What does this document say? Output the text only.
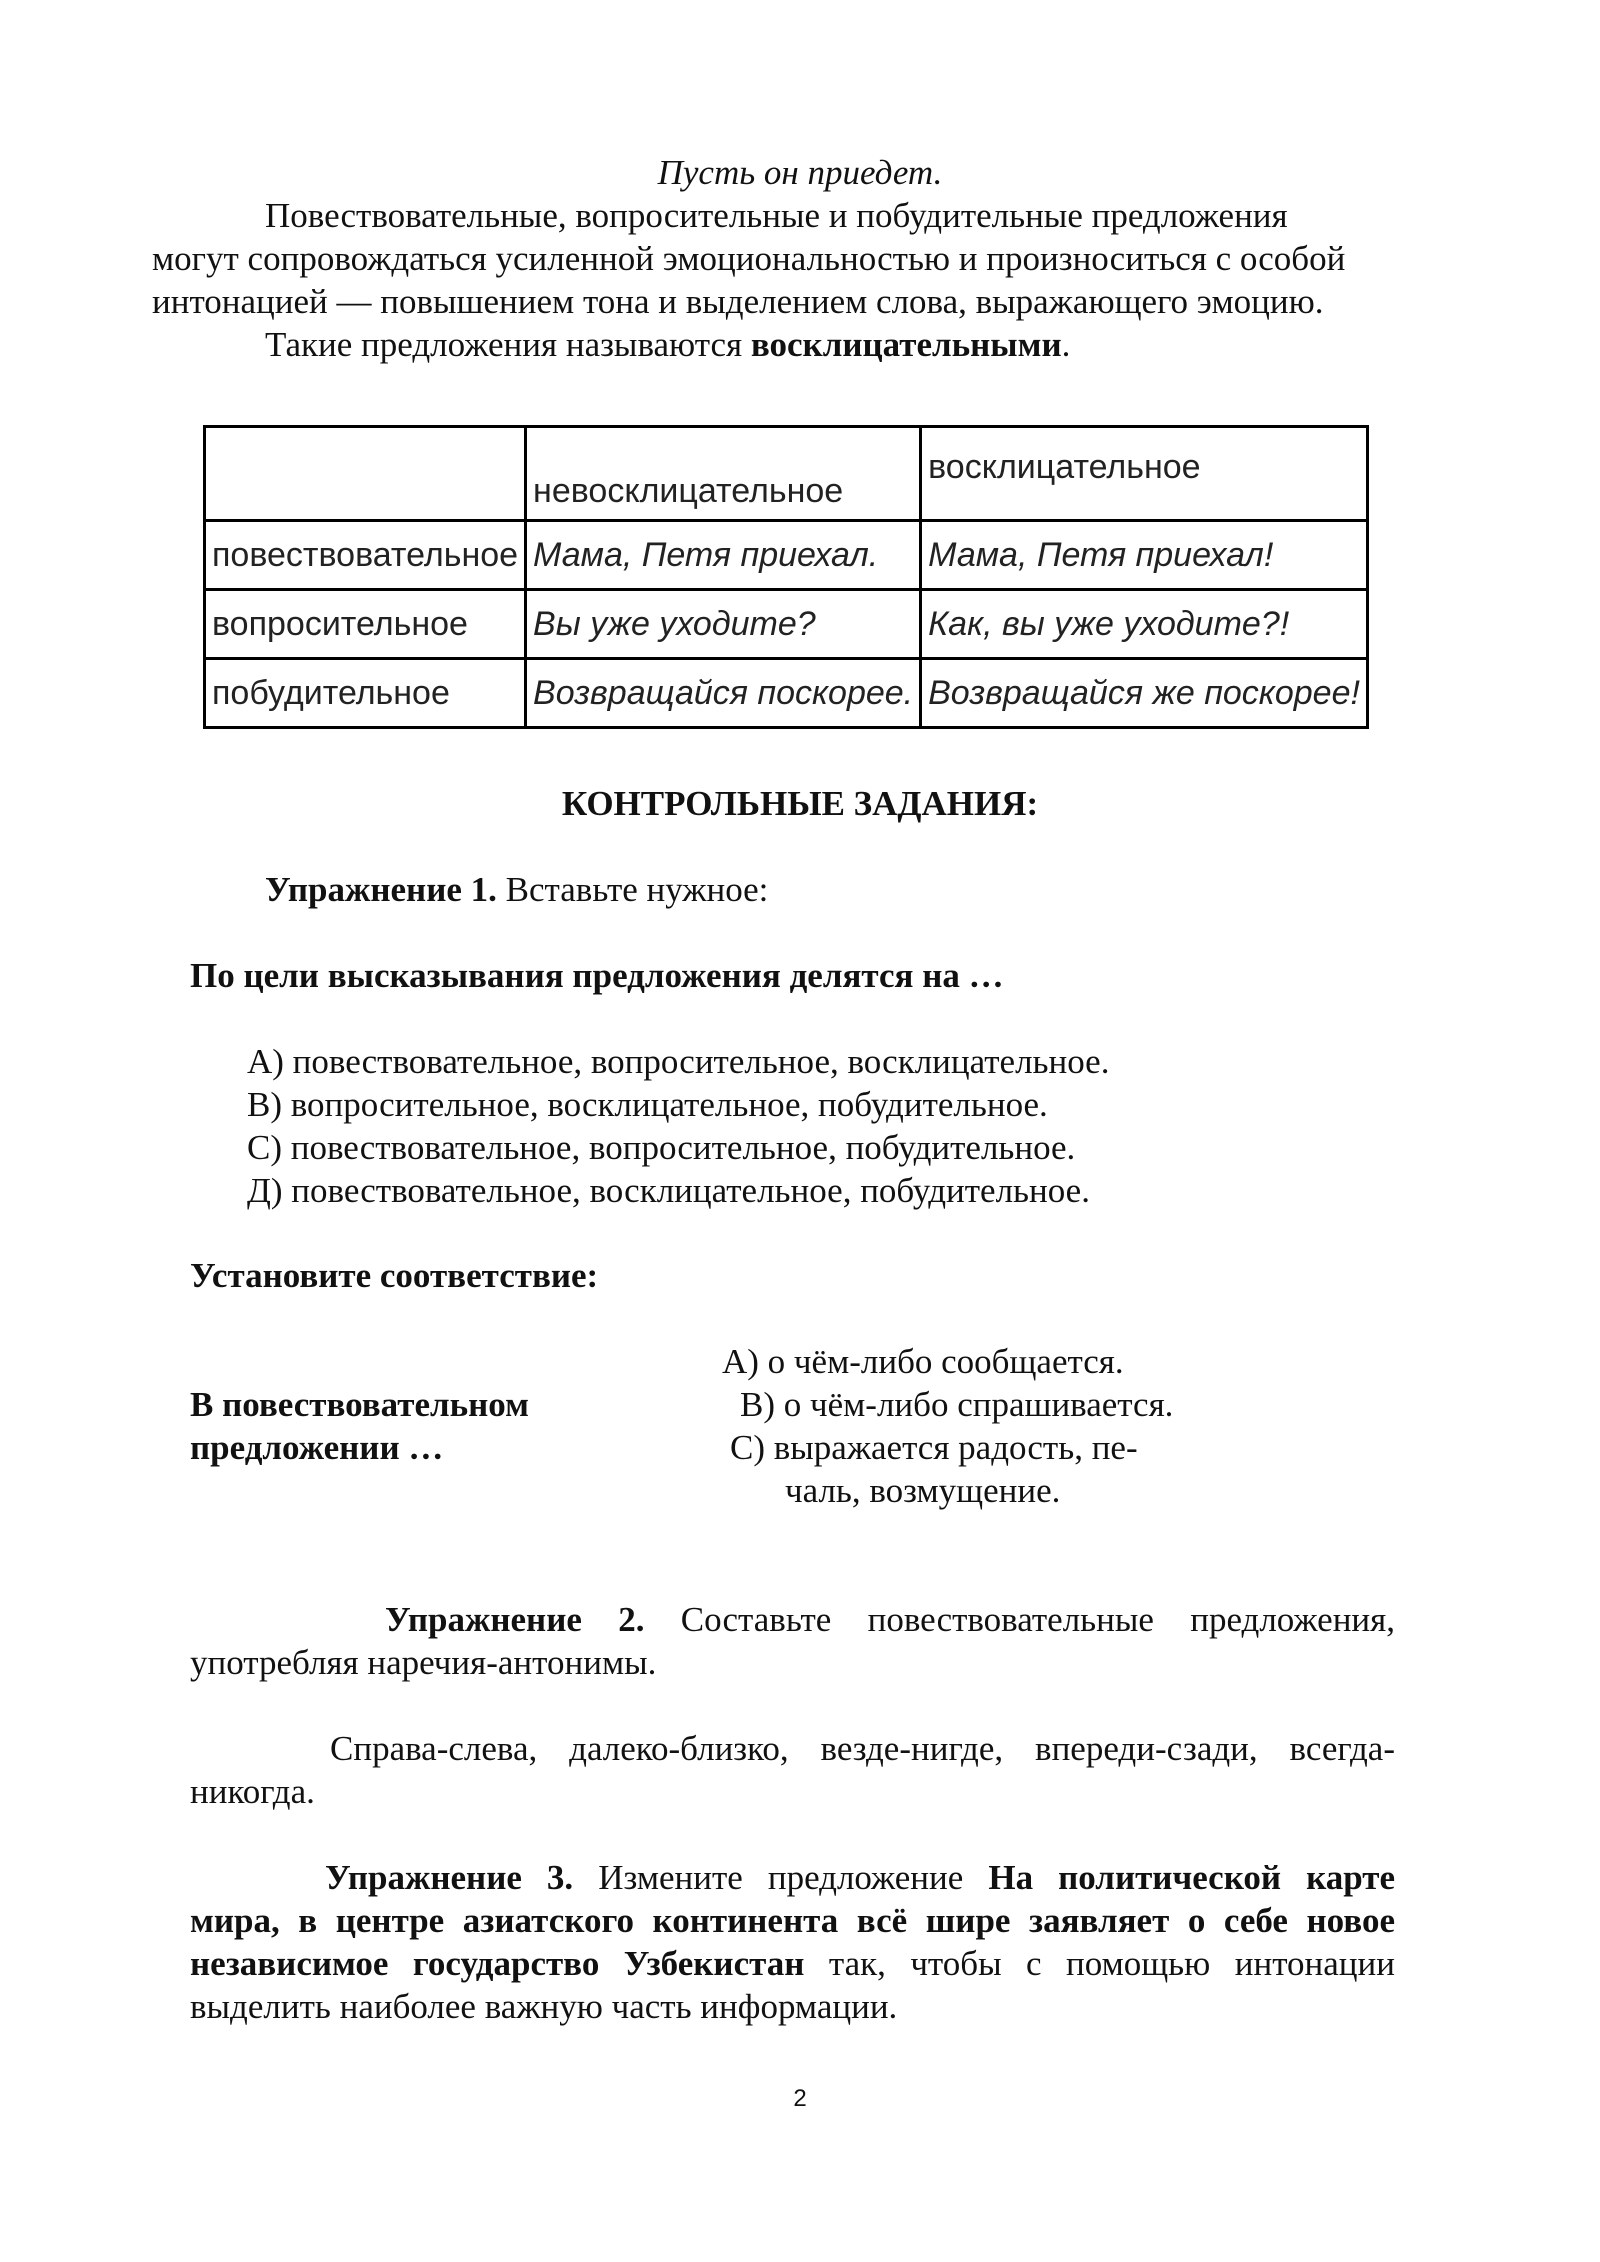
Пусть он приедет.
Повествовательные, вопросительные и побудительные предложения
могут сопровождаться усиленной эмоциональностью и произноситься с особой
интонацией — повышением тона и выделением слова, выражающего эмоцию.
Такие предложения называются восклицательными.
	невосклицательное	восклицательное
повествовательное	Мама, Петя приехал.	Мама, Петя приехал!
вопросительное	Вы уже уходите?	Как, вы уже уходите?!
побудительное	Возвращайся поскорее.	Возвращайся же поскорее!
КОНТРОЛЬНЫЕ ЗАДАНИЯ:
Упражнение 1. Вставьте нужное:
По цели высказывания предложения делятся на …
А) повествовательное, вопросительное, восклицательное.
В) вопросительное, восклицательное, побудительное.
С) повествовательное, вопросительное, побудительное.
Д) повествовательное, восклицательное, побудительное.
Установите соответствие:
А) о чём-либо сообщается.
В повествовательном	В) о чём-либо спрашивается.
предложении …	С) выражается радость, пе-
чаль, возмущение.
Упражнение 2. Составьте повествовательные предложения,
употребляя наречия-антонимы.
Справа-слева, далеко-близко, везде-нигде, впереди-сзади, всегда-
никогда.
Упражнение 3. Измените предложение На политической карте
мира, в центре азиатского континента всё шире заявляет о себе новое
независимое государство Узбекистан так, чтобы с помощью интонации
выделить наиболее важную часть информации.
2
